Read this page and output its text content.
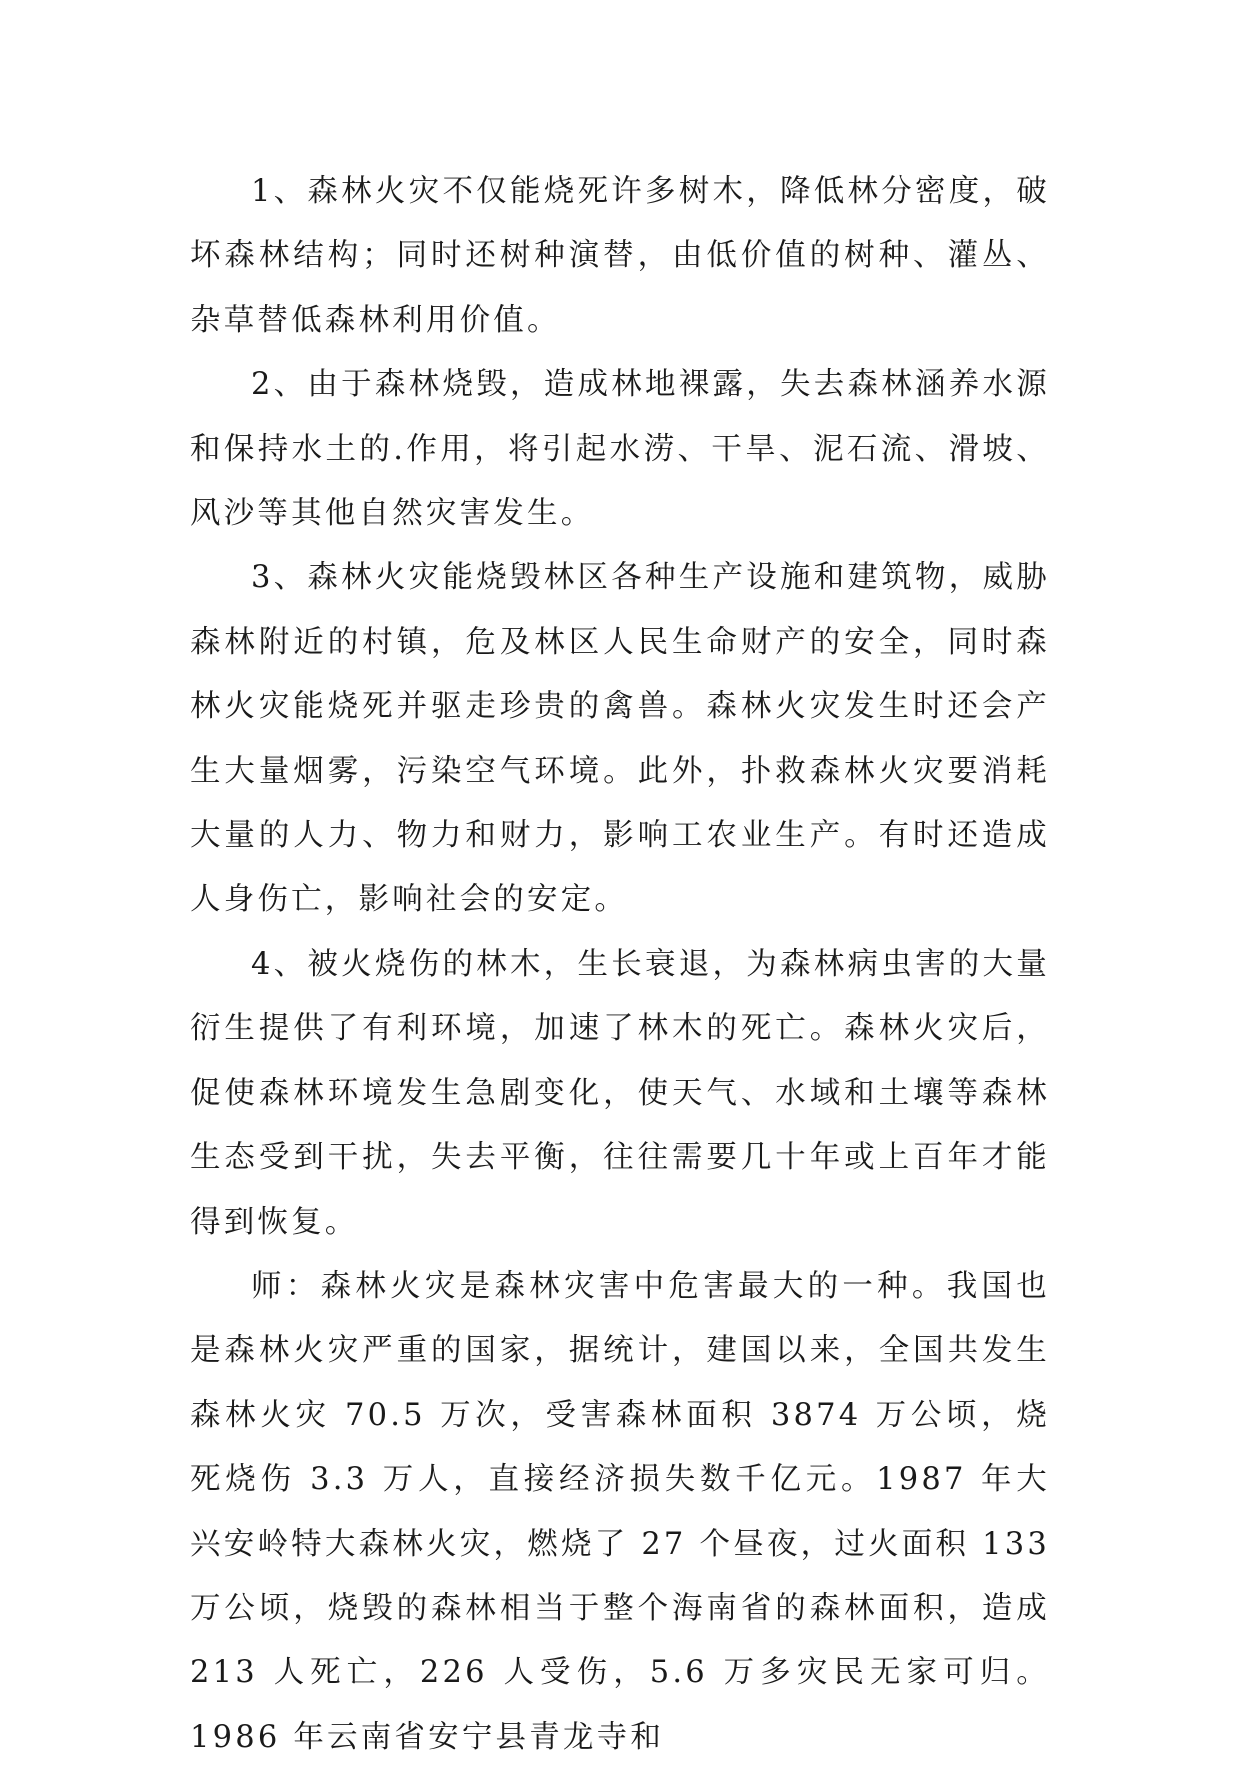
1、森林火灾不仅能烧死许多树木，降低林分密度，破坏森林结构；同时还树种演替，由低价值的树种、灌丛、杂草替低森林利用价值。

2、由于森林烧毁，造成林地裸露，失去森林涵养水源和保持水土的.作用，将引起水涝、干旱、泥石流、滑坡、风沙等其他自然灾害发生。

3、森林火灾能烧毁林区各种生产设施和建筑物，威胁森林附近的村镇，危及林区人民生命财产的安全，同时森林火灾能烧死并驱走珍贵的禽兽。森林火灾发生时还会产生大量烟雾，污染空气环境。此外，扑救森林火灾要消耗大量的人力、物力和财力，影响工农业生产。有时还造成人身伤亡，影响社会的安定。

4、被火烧伤的林木，生长衰退，为森林病虫害的大量衍生提供了有利环境，加速了林木的死亡。森林火灾后，促使森林环境发生急剧变化，使天气、水域和土壤等森林生态受到干扰，失去平衡，往往需要几十年或上百年才能得到恢复。

师：森林火灾是森林灾害中危害最大的一种。我国也是森林火灾严重的国家，据统计，建国以来，全国共发生森林火灾 70.5 万次，受害森林面积 3874 万公顷，烧死烧伤 3.3 万人，直接经济损失数千亿元。1987 年大兴安岭特大森林火灾，燃烧了 27 个昼夜，过火面积 133 万公顷，烧毁的森林相当于整个海南省的森林面积，造成 213 人死亡，226 人受伤，5.6 万多灾民无家可归。1986 年云南省安宁县青龙寺和
